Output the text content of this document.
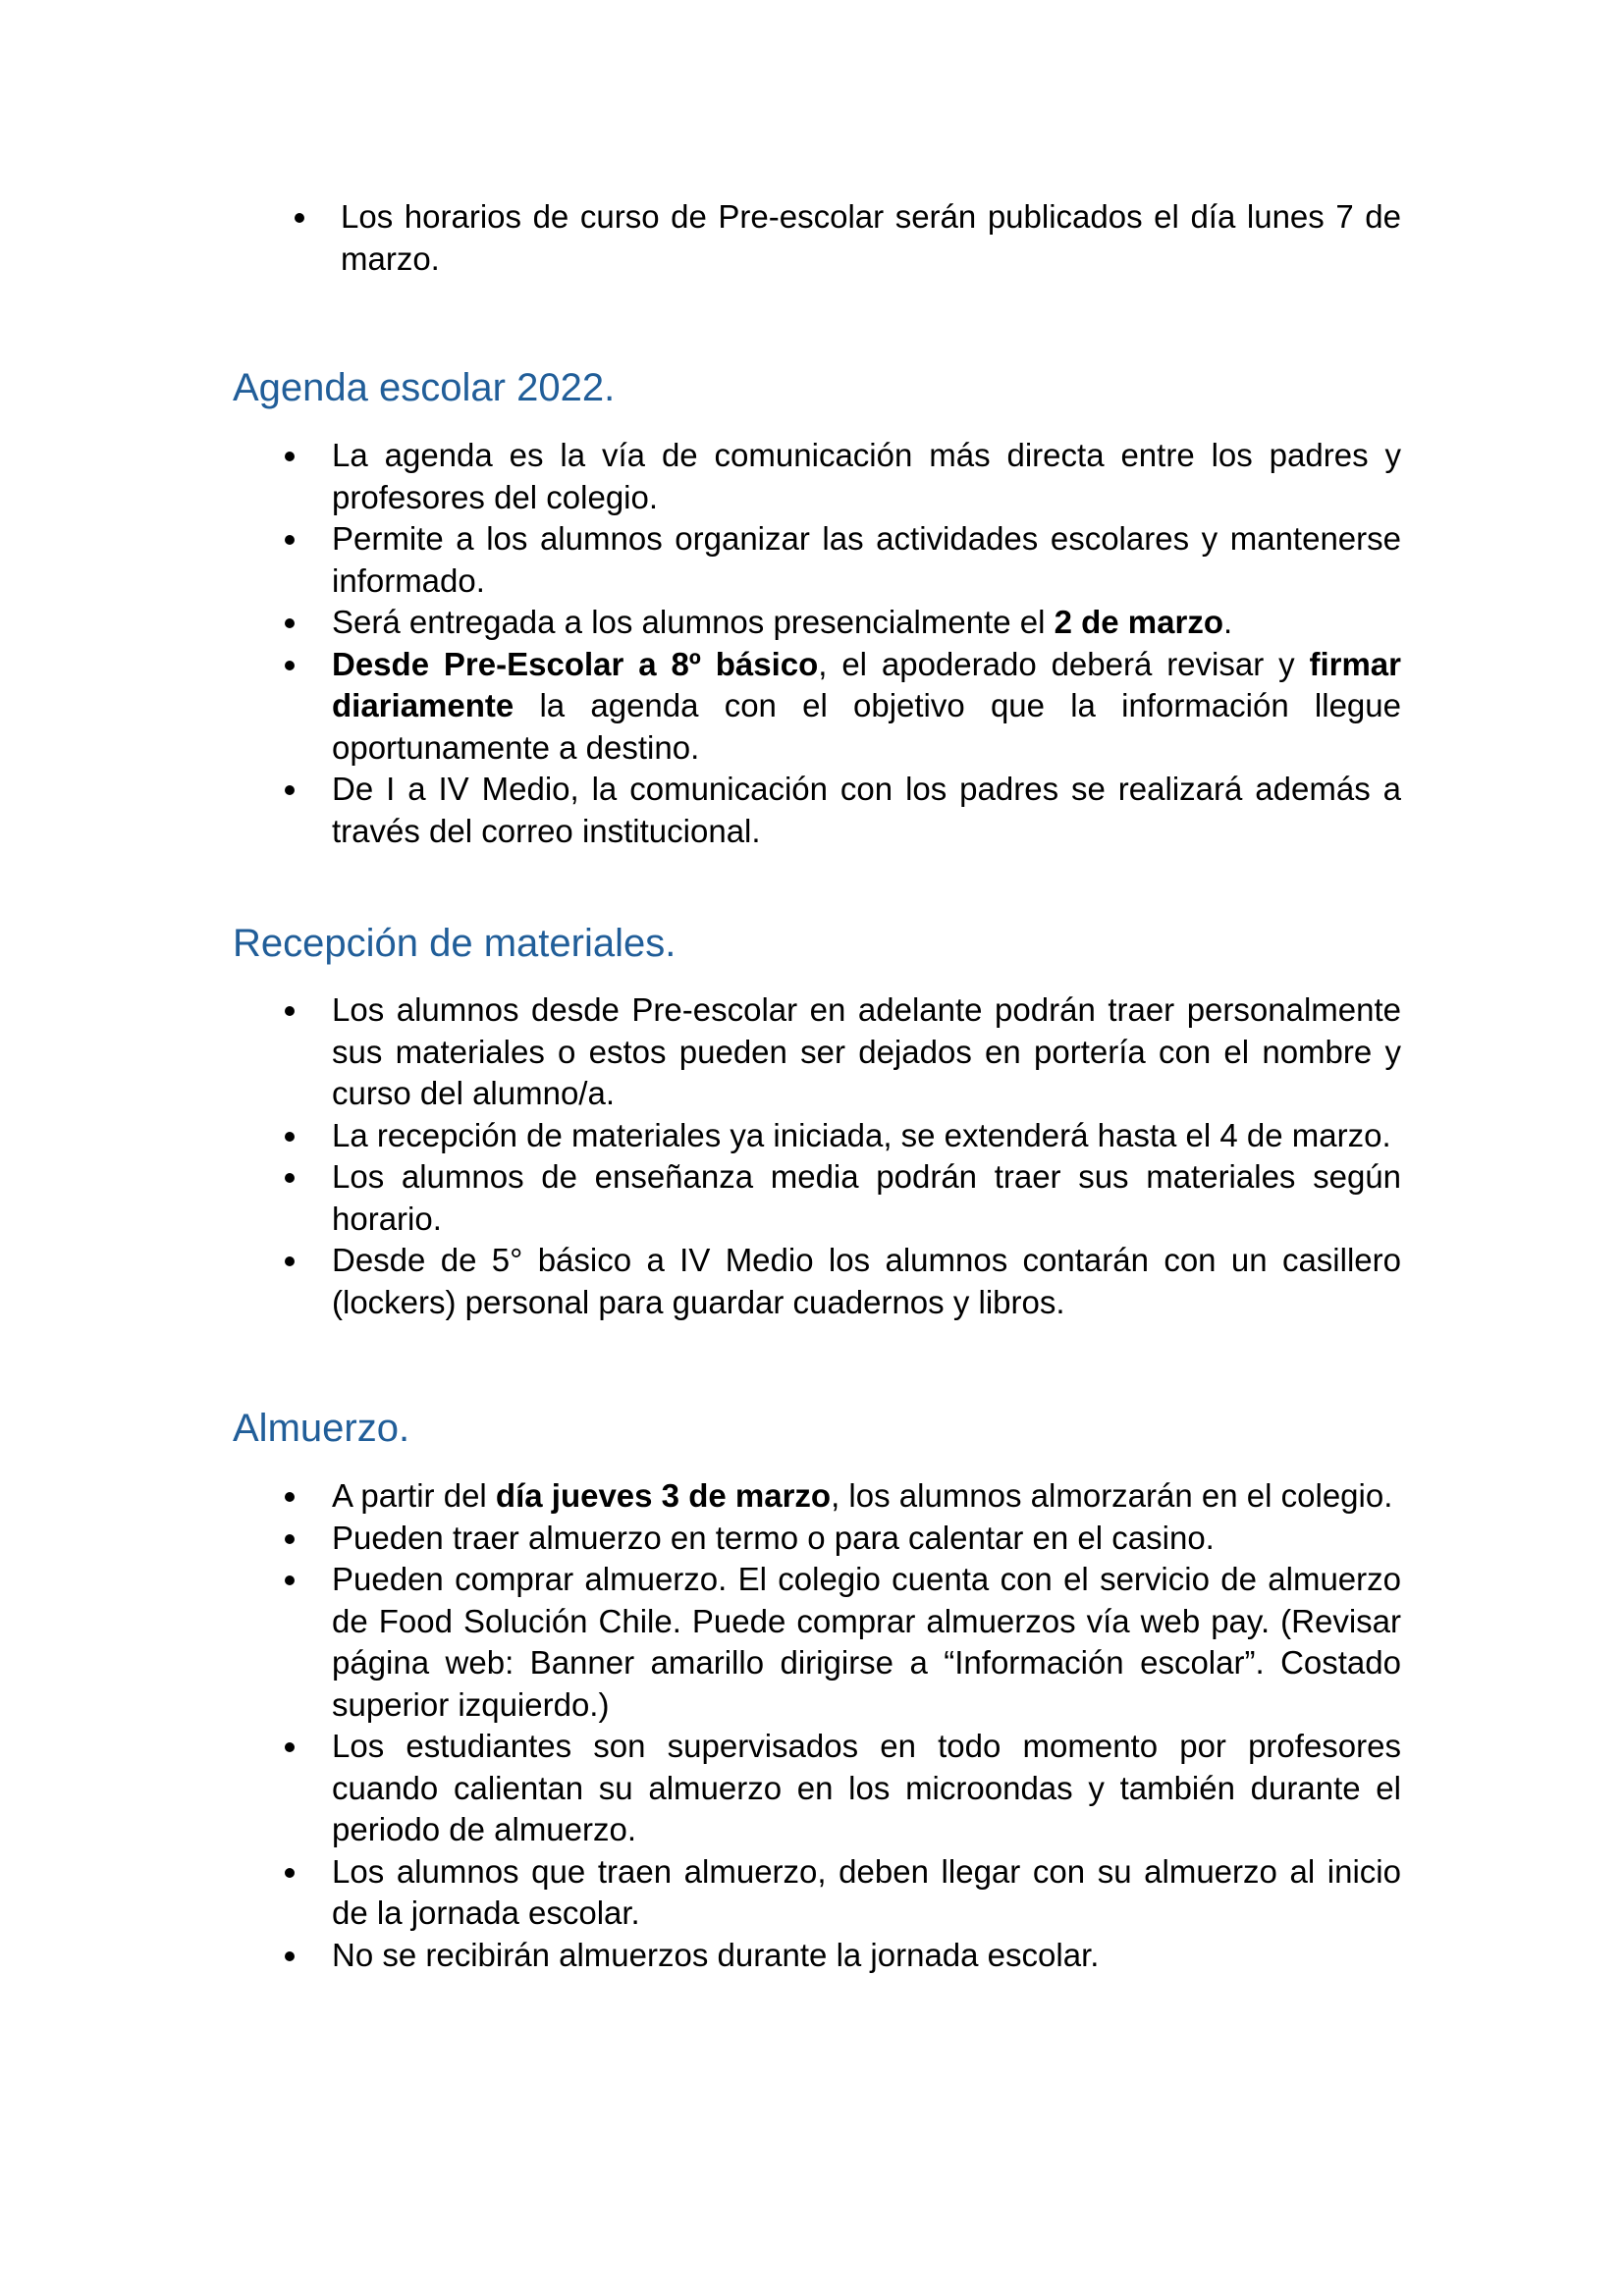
Los horarios de curso de Pre-escolar serán publicados el día lunes 7 de marzo.
Agenda escolar 2022.
La agenda es la vía de comunicación más directa entre los padres y profesores del colegio.
Permite a los alumnos organizar las actividades escolares y mantenerse informado.
Será entregada a los alumnos presencialmente el 2 de marzo.
Desde Pre-Escolar a 8º básico, el apoderado deberá revisar y firmar diariamente la agenda con el objetivo que la información llegue oportunamente a destino.
De I a IV Medio, la comunicación con los padres se realizará además a través del correo institucional.
Recepción de materiales.
Los alumnos desde Pre-escolar en adelante podrán traer personalmente sus materiales o estos pueden ser dejados en portería con el nombre y curso del alumno/a.
La recepción de materiales ya iniciada, se extenderá hasta el 4 de marzo.
Los alumnos de enseñanza media podrán traer sus materiales según horario.
Desde de 5° básico a IV Medio los alumnos contarán con un casillero (lockers) personal para guardar cuadernos y libros.
Almuerzo.
A partir del día jueves 3 de marzo, los alumnos almorzarán en el colegio.
Pueden traer almuerzo en termo o para calentar en el casino.
Pueden comprar almuerzo. El colegio cuenta con el servicio de almuerzo de Food Solución Chile. Puede comprar almuerzos vía web pay. (Revisar página web: Banner amarillo dirigirse a “Información escolar”. Costado superior izquierdo.)
Los estudiantes son supervisados en todo momento por profesores cuando calientan su almuerzo en los microondas y también durante el periodo de almuerzo.
Los alumnos que traen almuerzo, deben llegar con su almuerzo al inicio de la jornada escolar.
No se recibirán almuerzos durante la jornada escolar.
